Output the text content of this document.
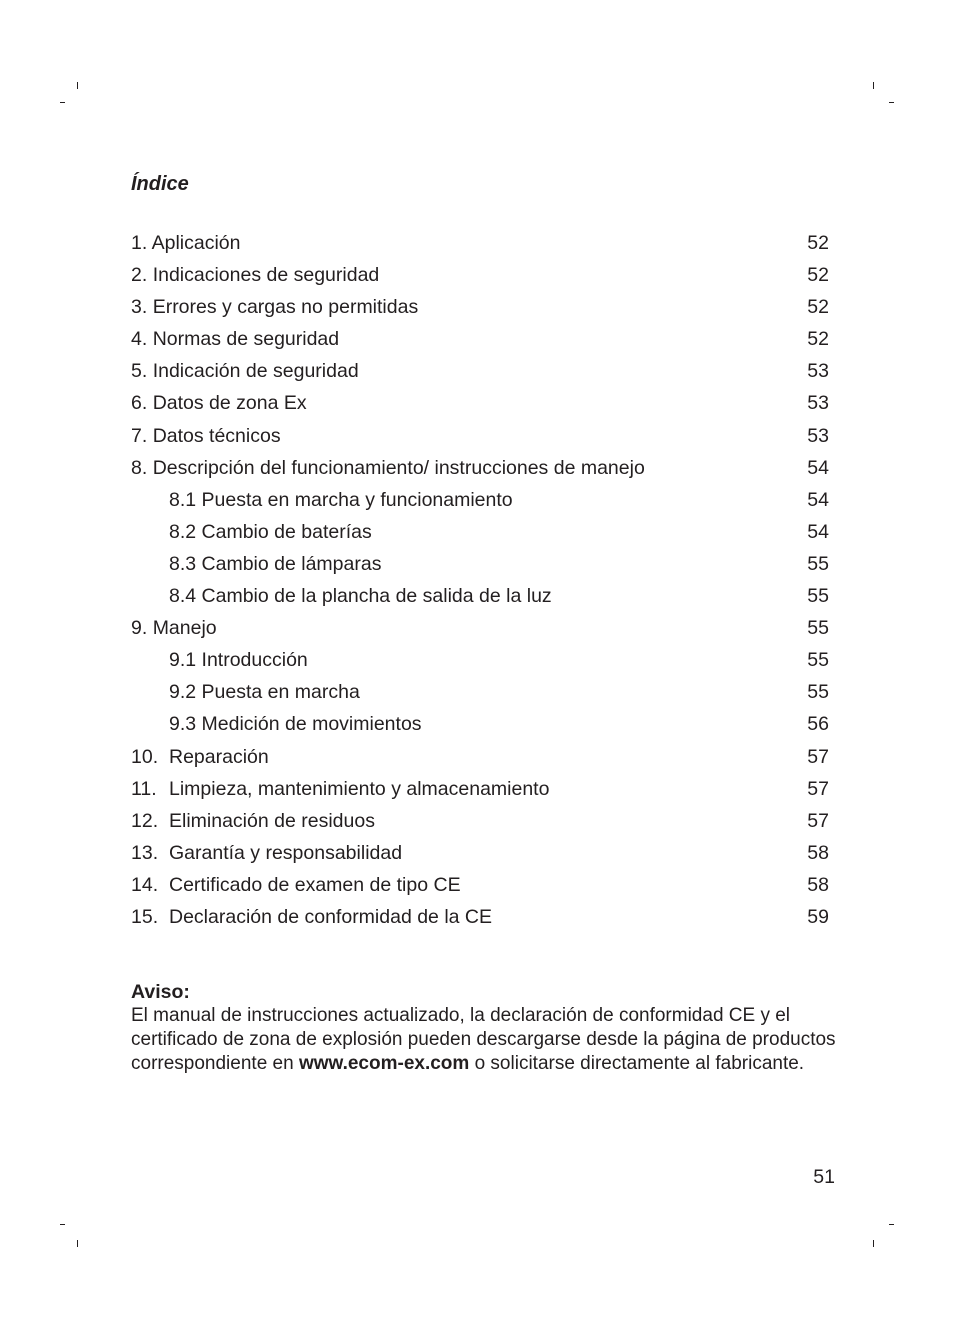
Índice
1. Aplicación	52
2. Indicaciones de seguridad	52
3. Errores y cargas no permitidas	52
4. Normas de seguridad	52
5. Indicación de seguridad	53
6. Datos de zona Ex	53
7. Datos técnicos	53
8. Descripción del funcionamiento/ instrucciones de manejo	54
8.1 Puesta en marcha y funcionamiento	54
8.2 Cambio de baterías	54
8.3 Cambio de lámparas	55
8.4 Cambio de la plancha de salida de la luz	55
9. Manejo	55
9.1 Introducción	55
9.2 Puesta en marcha	55
9.3 Medición de movimientos	56
10. Reparación	57
11. Limpieza, mantenimiento y almacenamiento	57
12. Eliminación de residuos	57
13. Garantía y responsabilidad	58
14. Certificado de examen de tipo CE	58
15. Declaración de conformidad de la CE	59
Aviso:

El manual de instrucciones actualizado, la declaración de conformidad CE y el

certificado de zona de explosión pueden descargarse desde la página de productos

correspondiente en www.ecom-ex.com o solicitarse directamente al fabricante.

51
